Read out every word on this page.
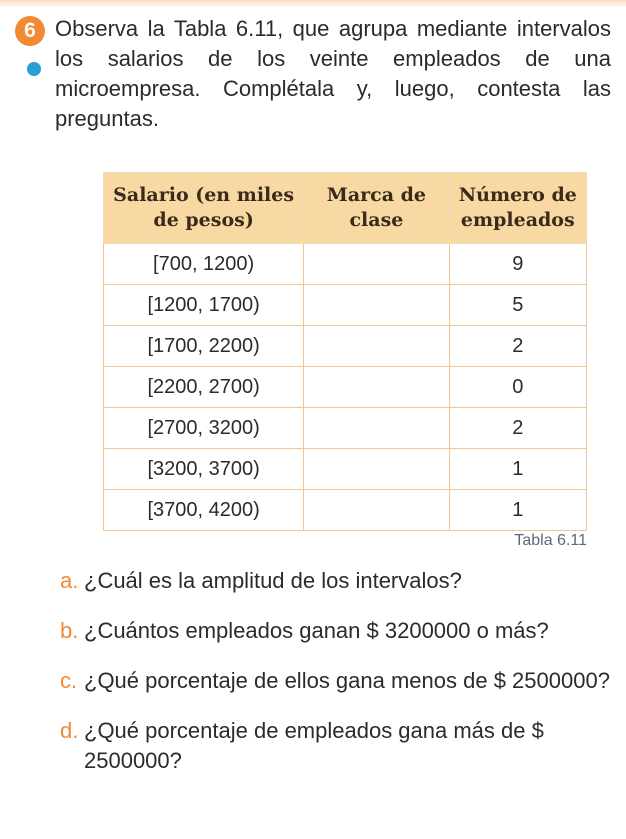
6 Observa la Tabla 6.11, que agrupa mediante intervalos los salarios de los veinte empleados de una microempresa. Complétala y, luego, contesta las preguntas.

Salario (en miles de pesos)	Marca de clase	Número de empleados
[700, 1200)		9
[1200, 1700)		5
[1700, 2200)		2
[2200, 2700)		0
[2700, 3200)		2
[3200, 3700)		1
[3700, 4200)		1
Tabla 6.11
a. ¿Cuál es la amplitud de los intervalos?
b. ¿Cuántos empleados ganan $ 3200000 o más?
c. ¿Qué porcentaje de ellos gana menos de $ 2500000?
d. ¿Qué porcentaje de empleados gana más de $ 2500000?
